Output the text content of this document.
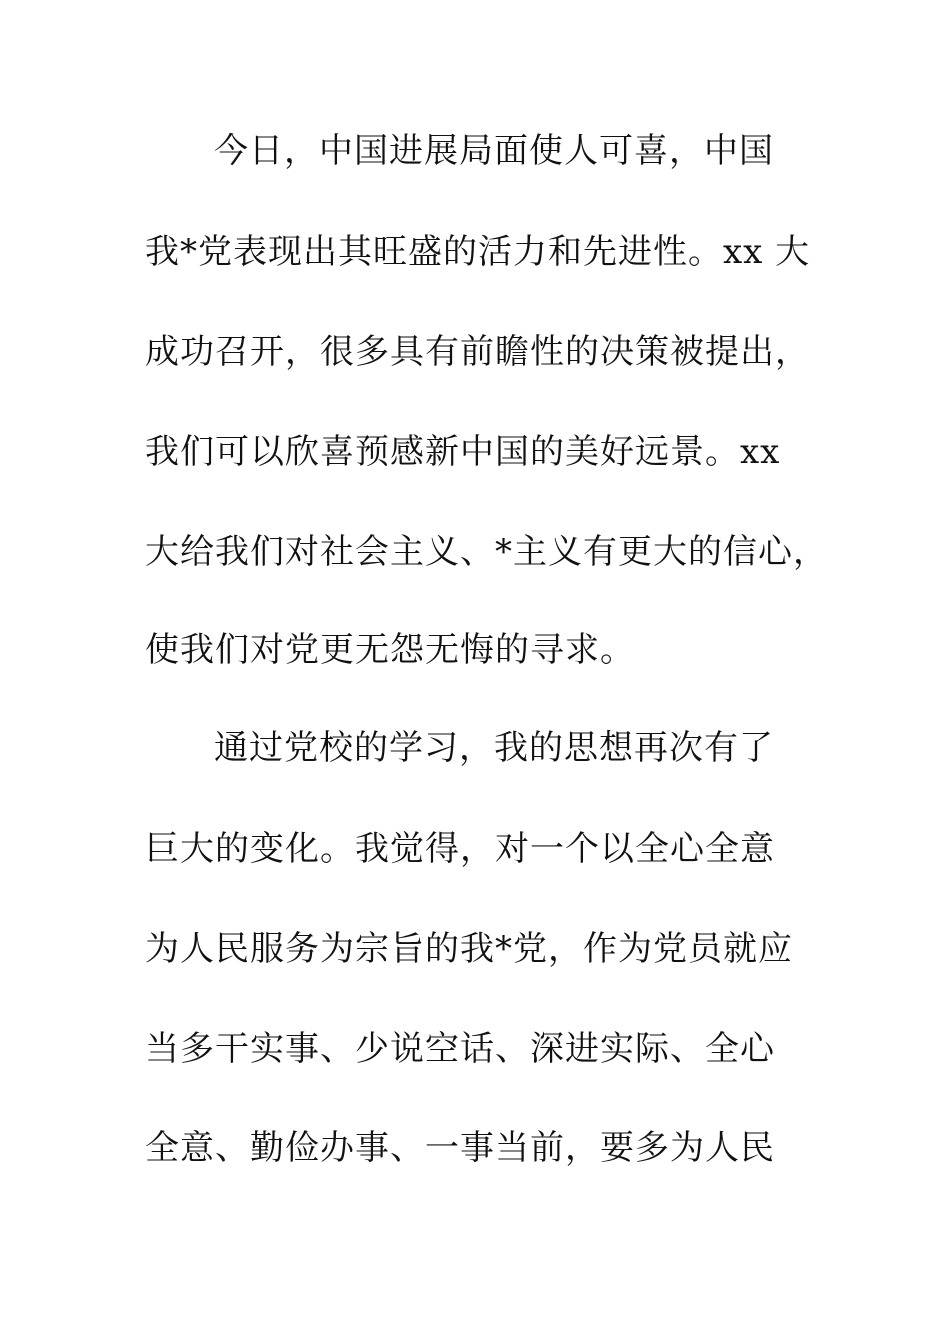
今日，中国进展局面使人可喜，中国
我*党表现出其旺盛的活力和先进性。xx 大
成功召开，很多具有前瞻性的决策被提出，
我们可以欣喜预感新中国的美好远景。xx
大给我们对社会主义、*主义有更大的信心，
使我们对党更无怨无悔的寻求。
通过党校的学习，我的思想再次有了
巨大的变化。我觉得，对一个以全心全意
为人民服务为宗旨的我*党，作为党员就应
当多干实事、少说空话、深进实际、全心
全意、勤俭办事、一事当前，要多为人民
